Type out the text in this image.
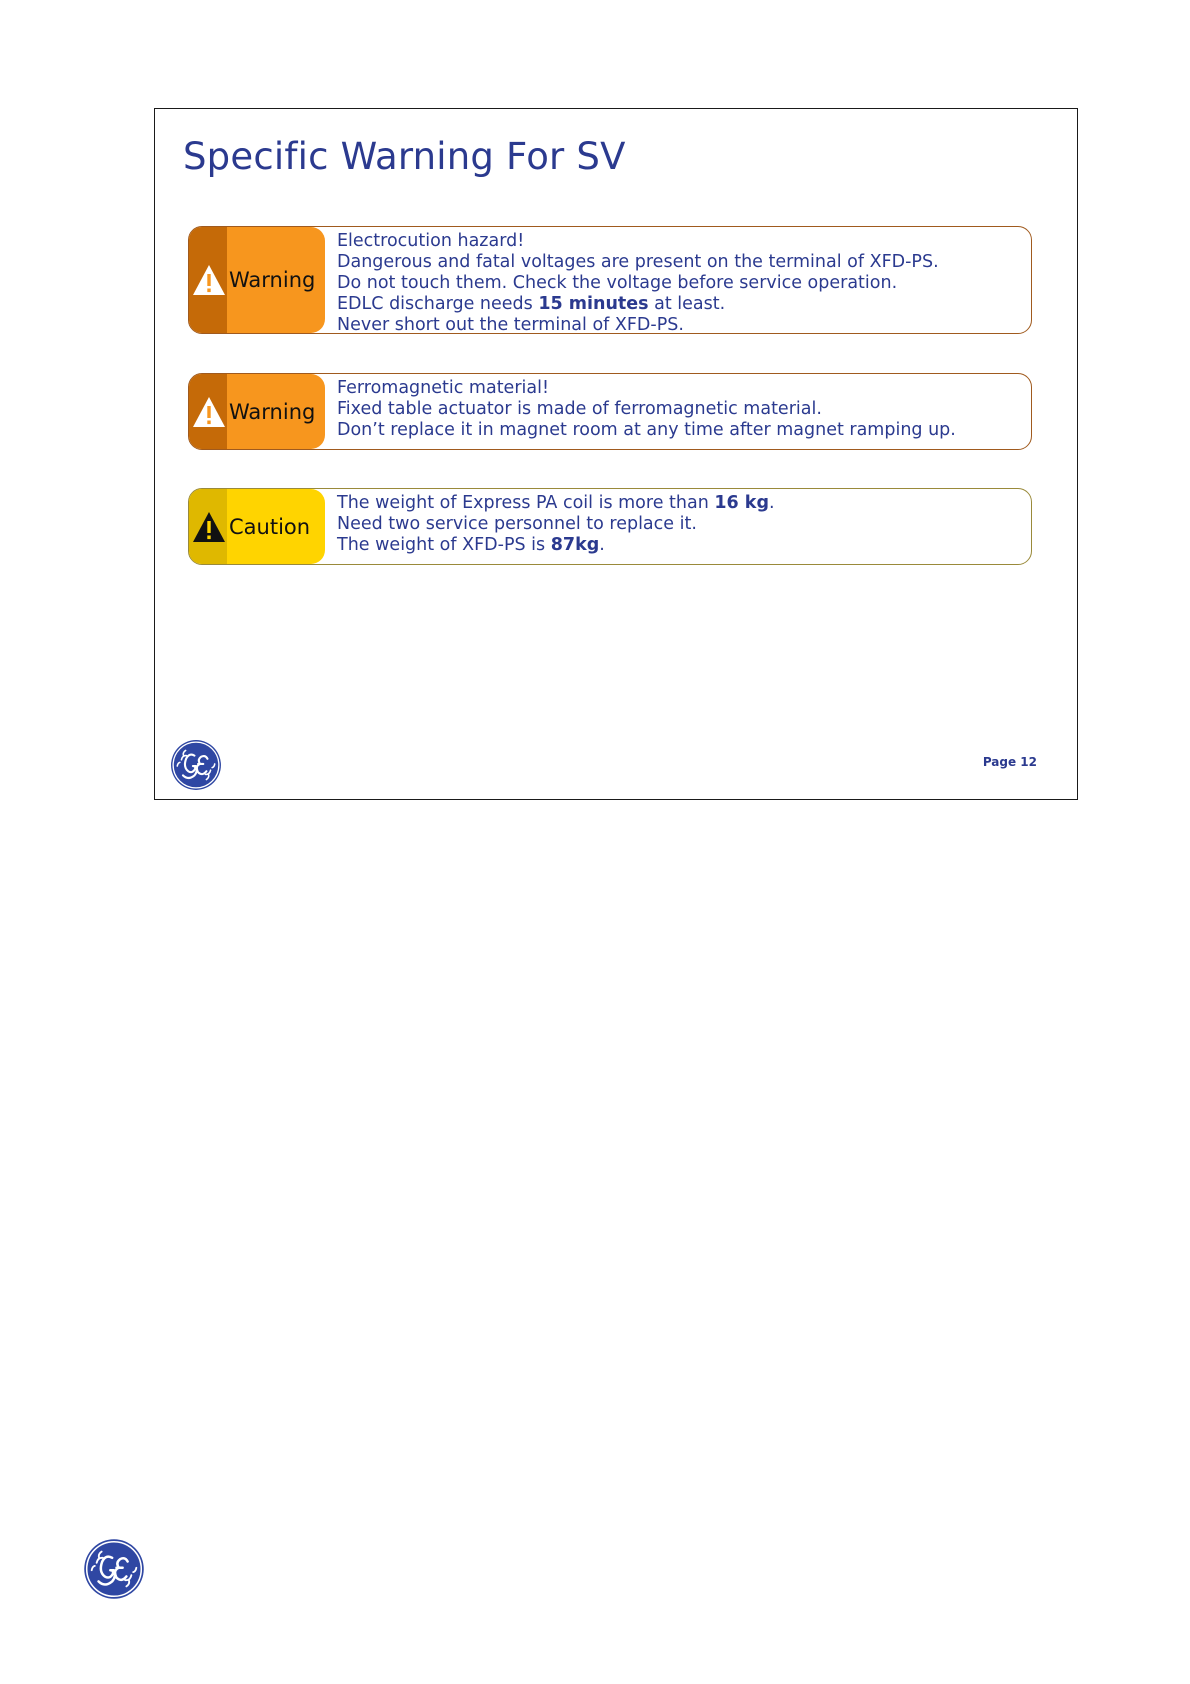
Specific Warning For SV
Warning
Electrocution hazard!
Dangerous and fatal voltages are present on the terminal of XFD-PS.
Do not touch them. Check the voltage before service operation.
EDLC discharge needs 15 minutes at least.
Never short out the terminal of XFD-PS.
Warning
Ferromagnetic material!
Fixed table actuator is made of ferromagnetic material.
Don’t replace it in magnet room at any time after magnet ramping up.
Caution
The weight of Express PA coil is more than 16 kg.
Need two service personnel to replace it.
The weight of XFD-PS is 87kg.
Page 12
